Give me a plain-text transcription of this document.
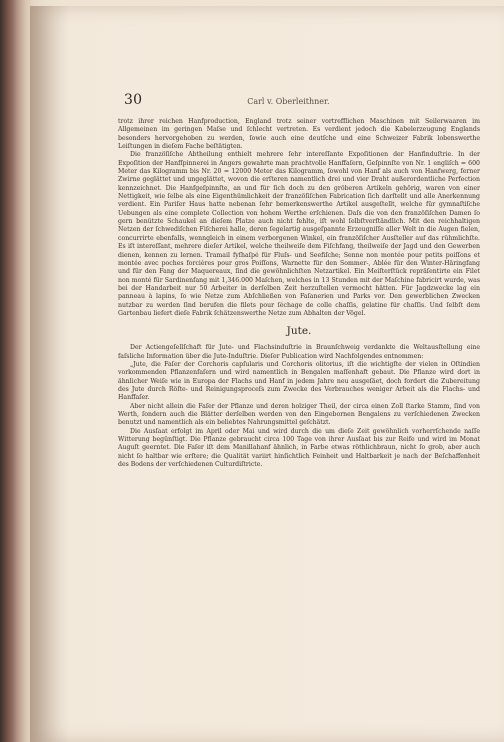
30	Carl v. Oberleithner.

trotz ihrer reichen Hanfproduction, England trotz seiner vortrefflichen Maschinen mit Seilerwaaren im Allgemeinen im geringen Maſse und ſchlecht vertreten. Es verdient jedoch die Kabelerzeugung Englands besonders hervorgehoben zu werden, ſowie auch eine deutſche und eine Schweizer Fabrik lobenswerthe Leiſtungen in dieſem Fache beſtätigten.

Die franzöſiſche Abtheilung enthielt mehrere ſehr intereſſante Expoſitionen der Hanfinduſtrie. In der Expoſition der Hanfſpinnerei in Angers gewahrte man prachtvolle Hanffaſern, Geſpinnſte von Nr. 1 engliſch = 600 Meter das Kilogramm bis Nr. 20 = 12000 Meter das Kilogramm, ſowohl von Hanf als auch von Hanfwerg, ferner Zwirne geglättet und ungeglättet, wovon die erſteren namentlich drei und vier Draht außerordentliche Perfection kennzeichnet. Die Hanfgeſpinnſte, an und für ſich doch zu den gröberen Artikeln gehörig, waren von einer Nettigkeit, wie ſelbe als eine Eigenthümlichkeit der franzöſiſchen Fabrication ſich darſtellt und alle Anerkennung verdient. Ein Pariſer Haus hatte nebenan ſehr bemerkenswerthe Artikel ausgeſtellt, welche für gymnaſtiſche Uebungen als eine complete Collection von hohem Werthe erſchienen. Daſs die von den franzöſiſchen Damen ſo gern benützte Schaukel an dieſem Platze auch nicht fehlte, iſt wohl ſelbſtverſtändlich. Mit den reichhaltigen Netzen der ſchwediſchen Fiſcherei halle, deren ſegelartig ausgeſpannte Erzeugniſſe aller Welt in die Augen fielen, concurrirte ebenfalls, wenngleich in einem verborgenen Winkel, ein franzöſiſcher Ausſteller auf das rühmlichſte. Es iſt intereſſant, mehrere dieſer Artikel, welche theilweiſe dem Fiſchfang, theilweiſe der Jagd und den Gewerben dienen, kennen zu lernen. Tramail fyſhaſpé für Fluſs- und Seefiſche; Senne non montée pour petits poiſſons et montée avec poches forcières pour gros Poiſſons, Warnette für den Sommer-, Ablée für den Winter-Häringfang und für den Fang der Maquereaux, ſind die gewöhnlichſten Netzartikel. Ein Meiſterſtück repräſentirte ein Filet non monté für Sardinenfang mit 1,346.000 Maſchen, welches in 13 Stunden mit der Maſchine fabricirt wurde, was bei der Handarbeit nur 50 Arbeiter in derſelben Zeit herzuſtellen vermocht hätten. Für Jagdzwecke lag ein panneau à lapins, ſo wie Netze zum Abſchließen von Faſanerien und Parks vor. Den gewerblichen Zwecken nutzbar zu werden ſind berufen die filets pour ſéchage de colle chaſſis, gelatine für chaſſis. Und ſelbſt dem Gartenbau liefert dieſe Fabrik ſchätzenswerthe Netze zum Abhalten der Vögel.

Jute.

Der Actiengeſellſchaft für Jute- und Flachsinduſtrie in Braunſchweig verdankte die Weltausſtellung eine faſsliche Information über die Jute-Induſtrie. Dieſer Publication wird Nachfolgendes entnommen:

„Jute, die Faſer der Corchoris capſularis und Corchoris olitorius, iſt die wichtigſte der vielen in Oſtindien vorkommenden Pflanzenfaſern und wird namentlich in Bengalen maſſenhaft gebaut. Die Pflanze wird dort in ähnlicher Weiſe wie in Europa der Flachs und Hanf in jedem Jahre neu ausgeſäet, doch fordert die Zubereitung des Jute durch Röſte- und Reinigungsproceſs zum Zwecke des Verbrauches weniger Arbeit als die Flachs- und Hanffaſer.

Aber nicht allein die Faſer der Pflanze und deren holziger Theil, der circa einen Zoll ſtarke Stamm, ſind von Werth, ſondern auch die Blätter derſelben werden von den Eingebornen Bengalens zu verſchiedenen Zwecken benutzt und namentlich als ein beliebtes Nahrungsmittel geſchätzt.

Die Ausſaat erfolgt im April oder Mai und wird durch die um dieſe Zeit gewöhnlich vorherrſchende naſſe Witterung begünſtigt. Die Pflanze gebraucht circa 100 Tage von ihrer Ausſaat bis zur Reife und wird im Monat Auguſt geerntet. Die Faſer iſt dem Manillahanf ähnlich, in Farbe etwas röthlichbraun, nicht ſo grob, aber auch nicht ſo haltbar wie erſtere; die Qualität variirt hinſichtlich Feinheit und Haltbarkeit je nach der Beſchaffenheit des Bodens der verſchiedenen Culturdiſtricte.
